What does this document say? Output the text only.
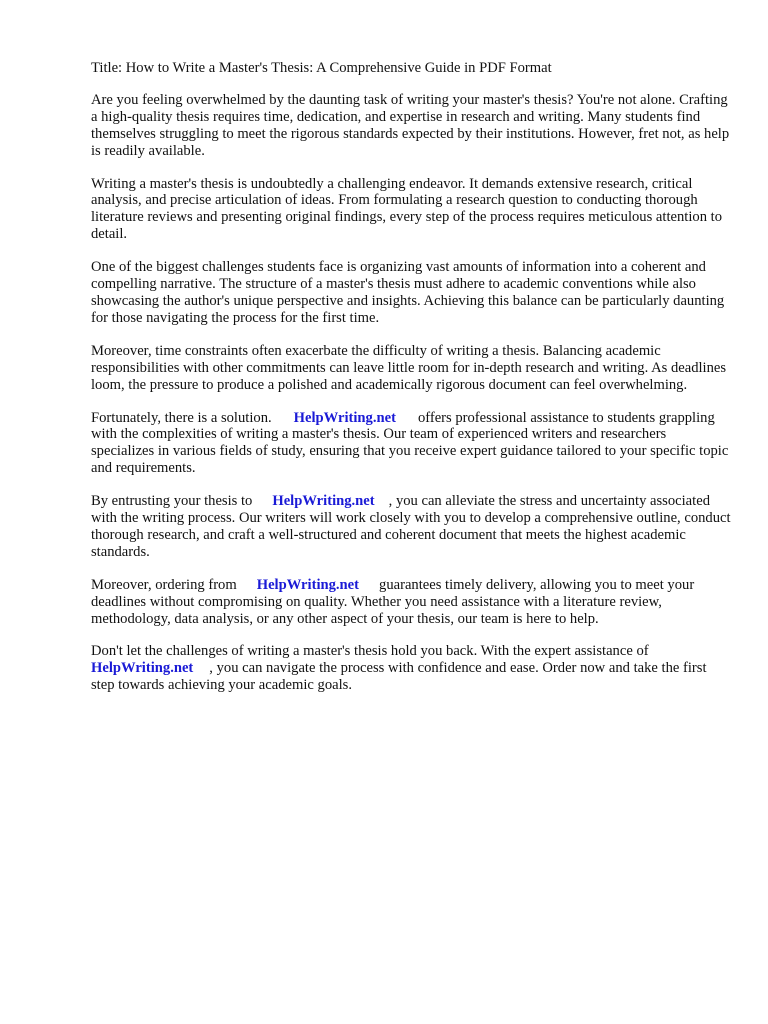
Title: How to Write a Master's Thesis: A Comprehensive Guide in PDF Format

Are you feeling overwhelmed by the daunting task of writing your master's thesis? You're not alone. Crafting a high-quality thesis requires time, dedication, and expertise in research and writing. Many students find themselves struggling to meet the rigorous standards expected by their institutions. However, fret not, as help is readily available.

Writing a master's thesis is undoubtedly a challenging endeavor. It demands extensive research, critical analysis, and precise articulation of ideas. From formulating a research question to conducting thorough literature reviews and presenting original findings, every step of the process requires meticulous attention to detail.

One of the biggest challenges students face is organizing vast amounts of information into a coherent and compelling narrative. The structure of a master's thesis must adhere to academic conventions while also showcasing the author's unique perspective and insights. Achieving this balance can be particularly daunting for those navigating the process for the first time.

Moreover, time constraints often exacerbate the difficulty of writing a thesis. Balancing academic responsibilities with other commitments can leave little room for in-depth research and writing. As deadlines loom, the pressure to produce a polished and academically rigorous document can feel overwhelming.

Fortunately, there is a solution. HelpWriting.net offers professional assistance to students grappling with the complexities of writing a master's thesis. Our team of experienced writers and researchers specializes in various fields of study, ensuring that you receive expert guidance tailored to your specific topic and requirements.

By entrusting your thesis to HelpWriting.net , you can alleviate the stress and uncertainty associated with the writing process. Our writers will work closely with you to develop a comprehensive outline, conduct thorough research, and craft a well-structured and coherent document that meets the highest academic standards.

Moreover, ordering from HelpWriting.net guarantees timely delivery, allowing you to meet your deadlines without compromising on quality. Whether you need assistance with a literature review, methodology, data analysis, or any other aspect of your thesis, our team is here to help.

Don't let the challenges of writing a master's thesis hold you back. With the expert assistance of HelpWriting.net , you can navigate the process with confidence and ease. Order now and take the first step towards achieving your academic goals.
